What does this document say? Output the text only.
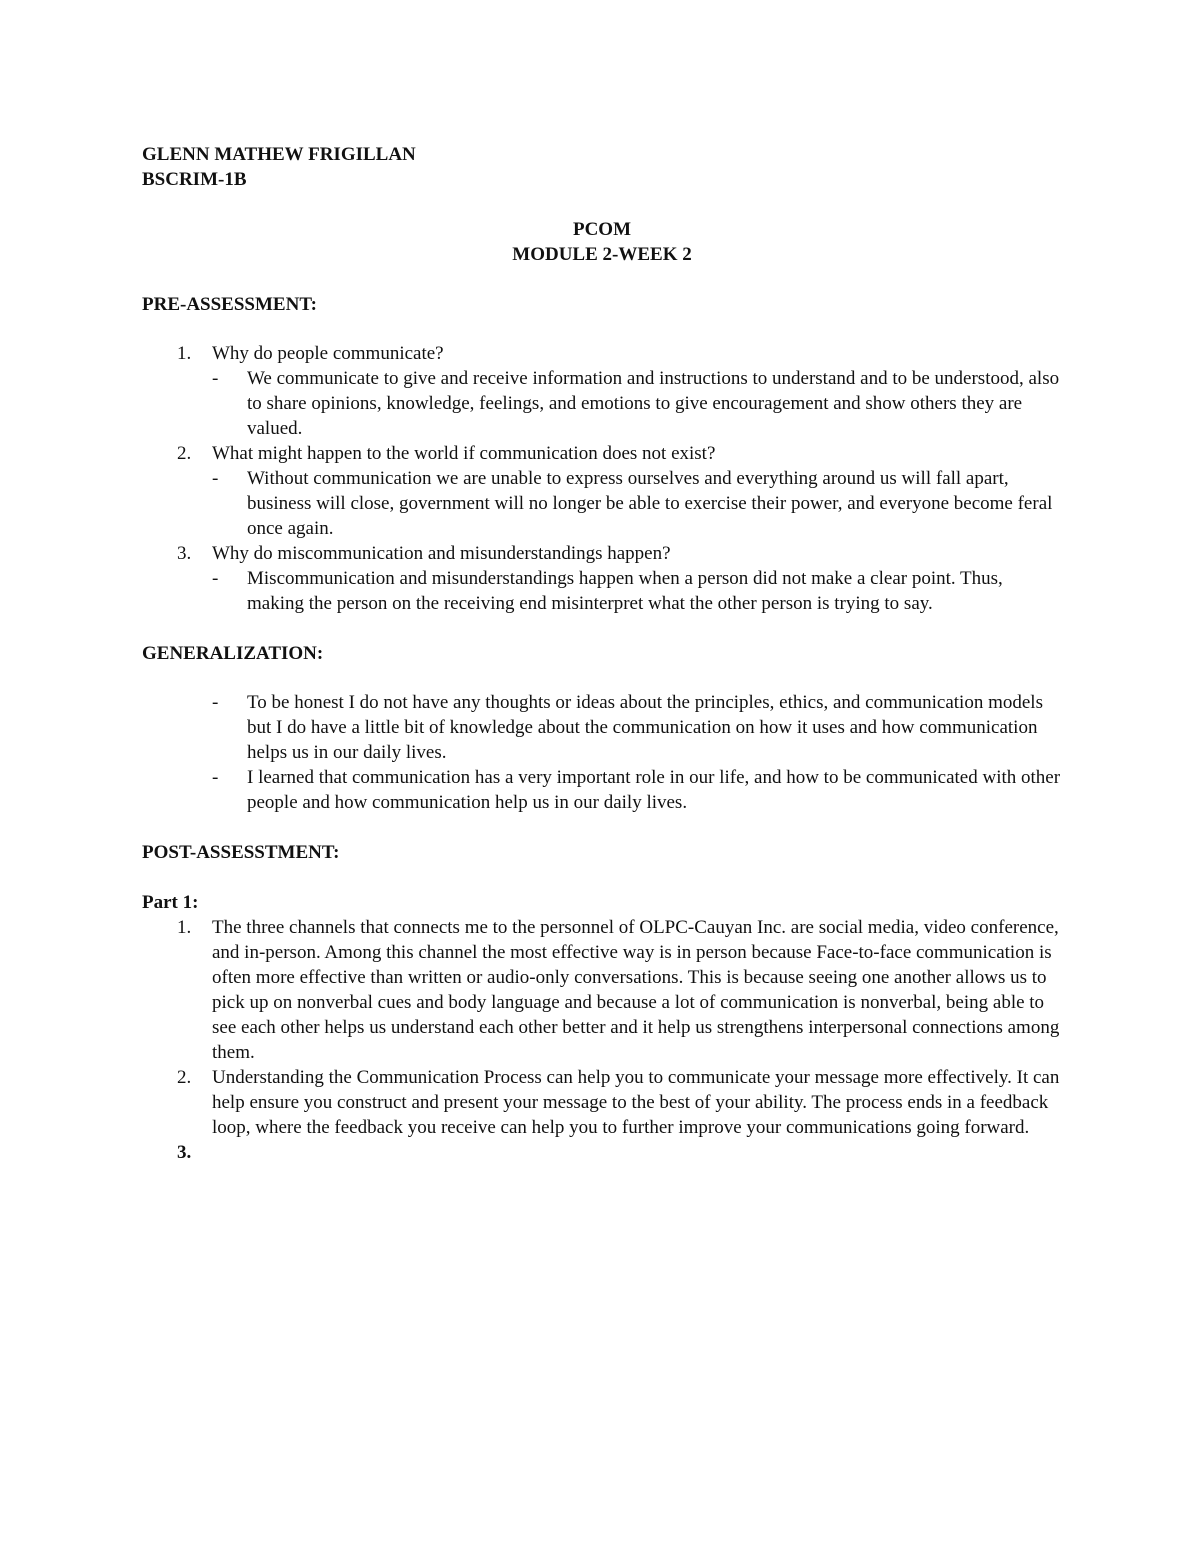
GLENN MATHEW FRIGILLAN
BSCRIM-1B
PCOM
MODULE 2-WEEK 2
PRE-ASSESSMENT:
1. Why do people communicate?
- We communicate to give and receive information and instructions to understand and to be understood, also to share opinions, knowledge, feelings, and emotions to give encouragement and show others they are valued.
2. What might happen to the world if communication does not exist?
- Without communication we are unable to express ourselves and everything around us will fall apart, business will close, government will no longer be able to exercise their power, and everyone become feral once again.
3. Why do miscommunication and misunderstandings happen?
- Miscommunication and misunderstandings happen when a person did not make a clear point. Thus, making the person on the receiving end misinterpret what the other person is trying to say.
GENERALIZATION:
- To be honest I do not have any thoughts or ideas about the principles, ethics, and communication models but I do have a little bit of knowledge about the communication on how it uses and how communication helps us in our daily lives.
- I learned that communication has a very important role in our life, and how to be communicated with other people and how communication help us in our daily lives.
POST-ASSESSTMENT:
Part 1:
1. The three channels that connects me to the personnel of OLPC-Cauyan Inc. are social media, video conference, and in-person. Among this channel the most effective way is in person because Face-to-face communication is often more effective than written or audio-only conversations. This is because seeing one another allows us to pick up on nonverbal cues and body language and because a lot of communication is nonverbal, being able to see each other helps us understand each other better and it help us strengthens interpersonal connections among them.
2. Understanding the Communication Process can help you to communicate your message more effectively. It can help ensure you construct and present your message to the best of your ability. The process ends in a feedback loop, where the feedback you receive can help you to further improve your communications going forward.
3.
